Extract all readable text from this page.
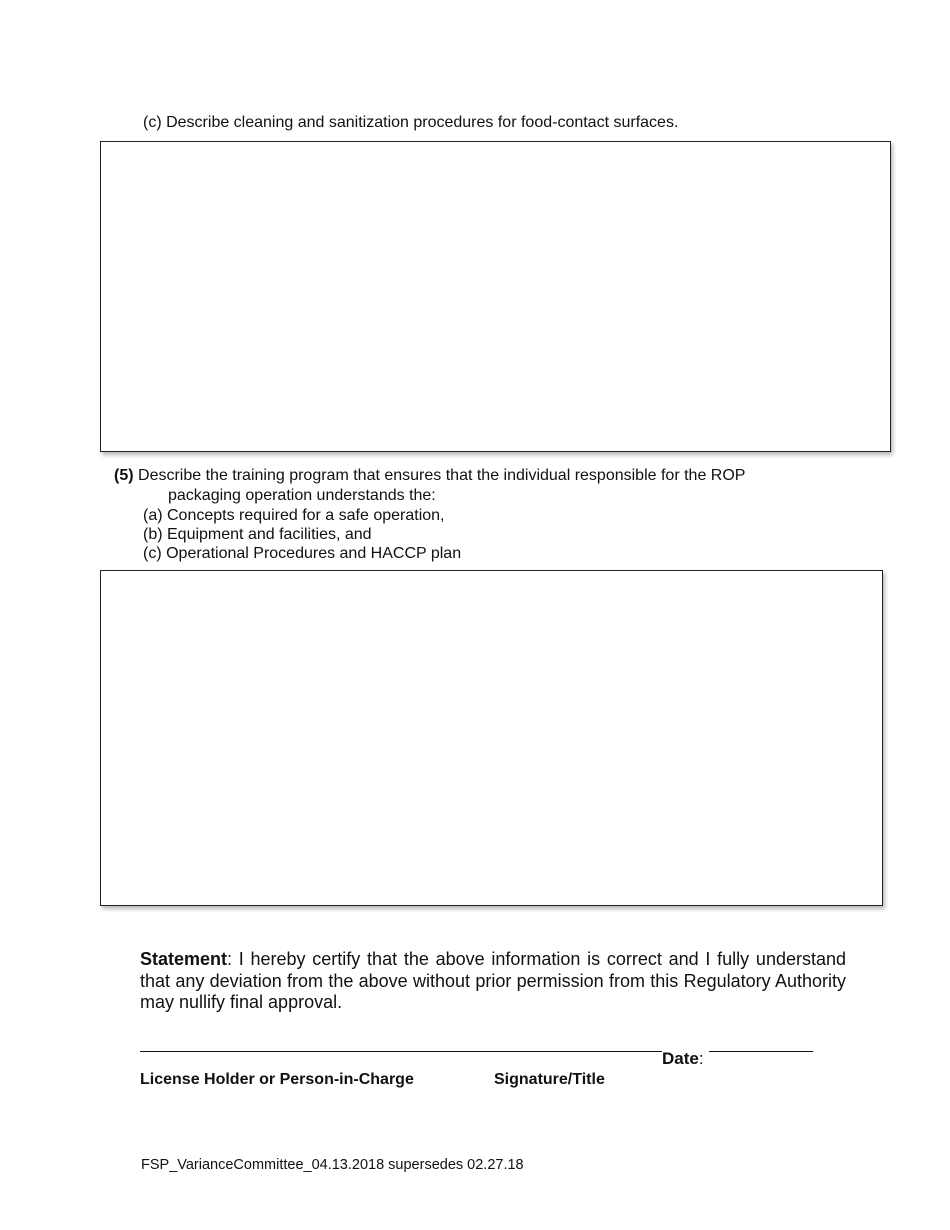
(c) Describe cleaning and sanitization procedures for food-contact surfaces.
(5) Describe the training program that ensures that the individual responsible for the ROP
packaging operation understands the:
(a) Concepts required for a safe operation,
(b) Equipment and facilities, and
(c) Operational Procedures and HACCP plan
Statement: I hereby certify that the above information is correct and I fully understand that any deviation from the above without prior permission from this Regulatory Authority may nullify final approval.
Date:
License Holder or Person-in-Charge	Signature/Title
FSP_VarianceCommittee_04.13.2018 supersedes 02.27.18
